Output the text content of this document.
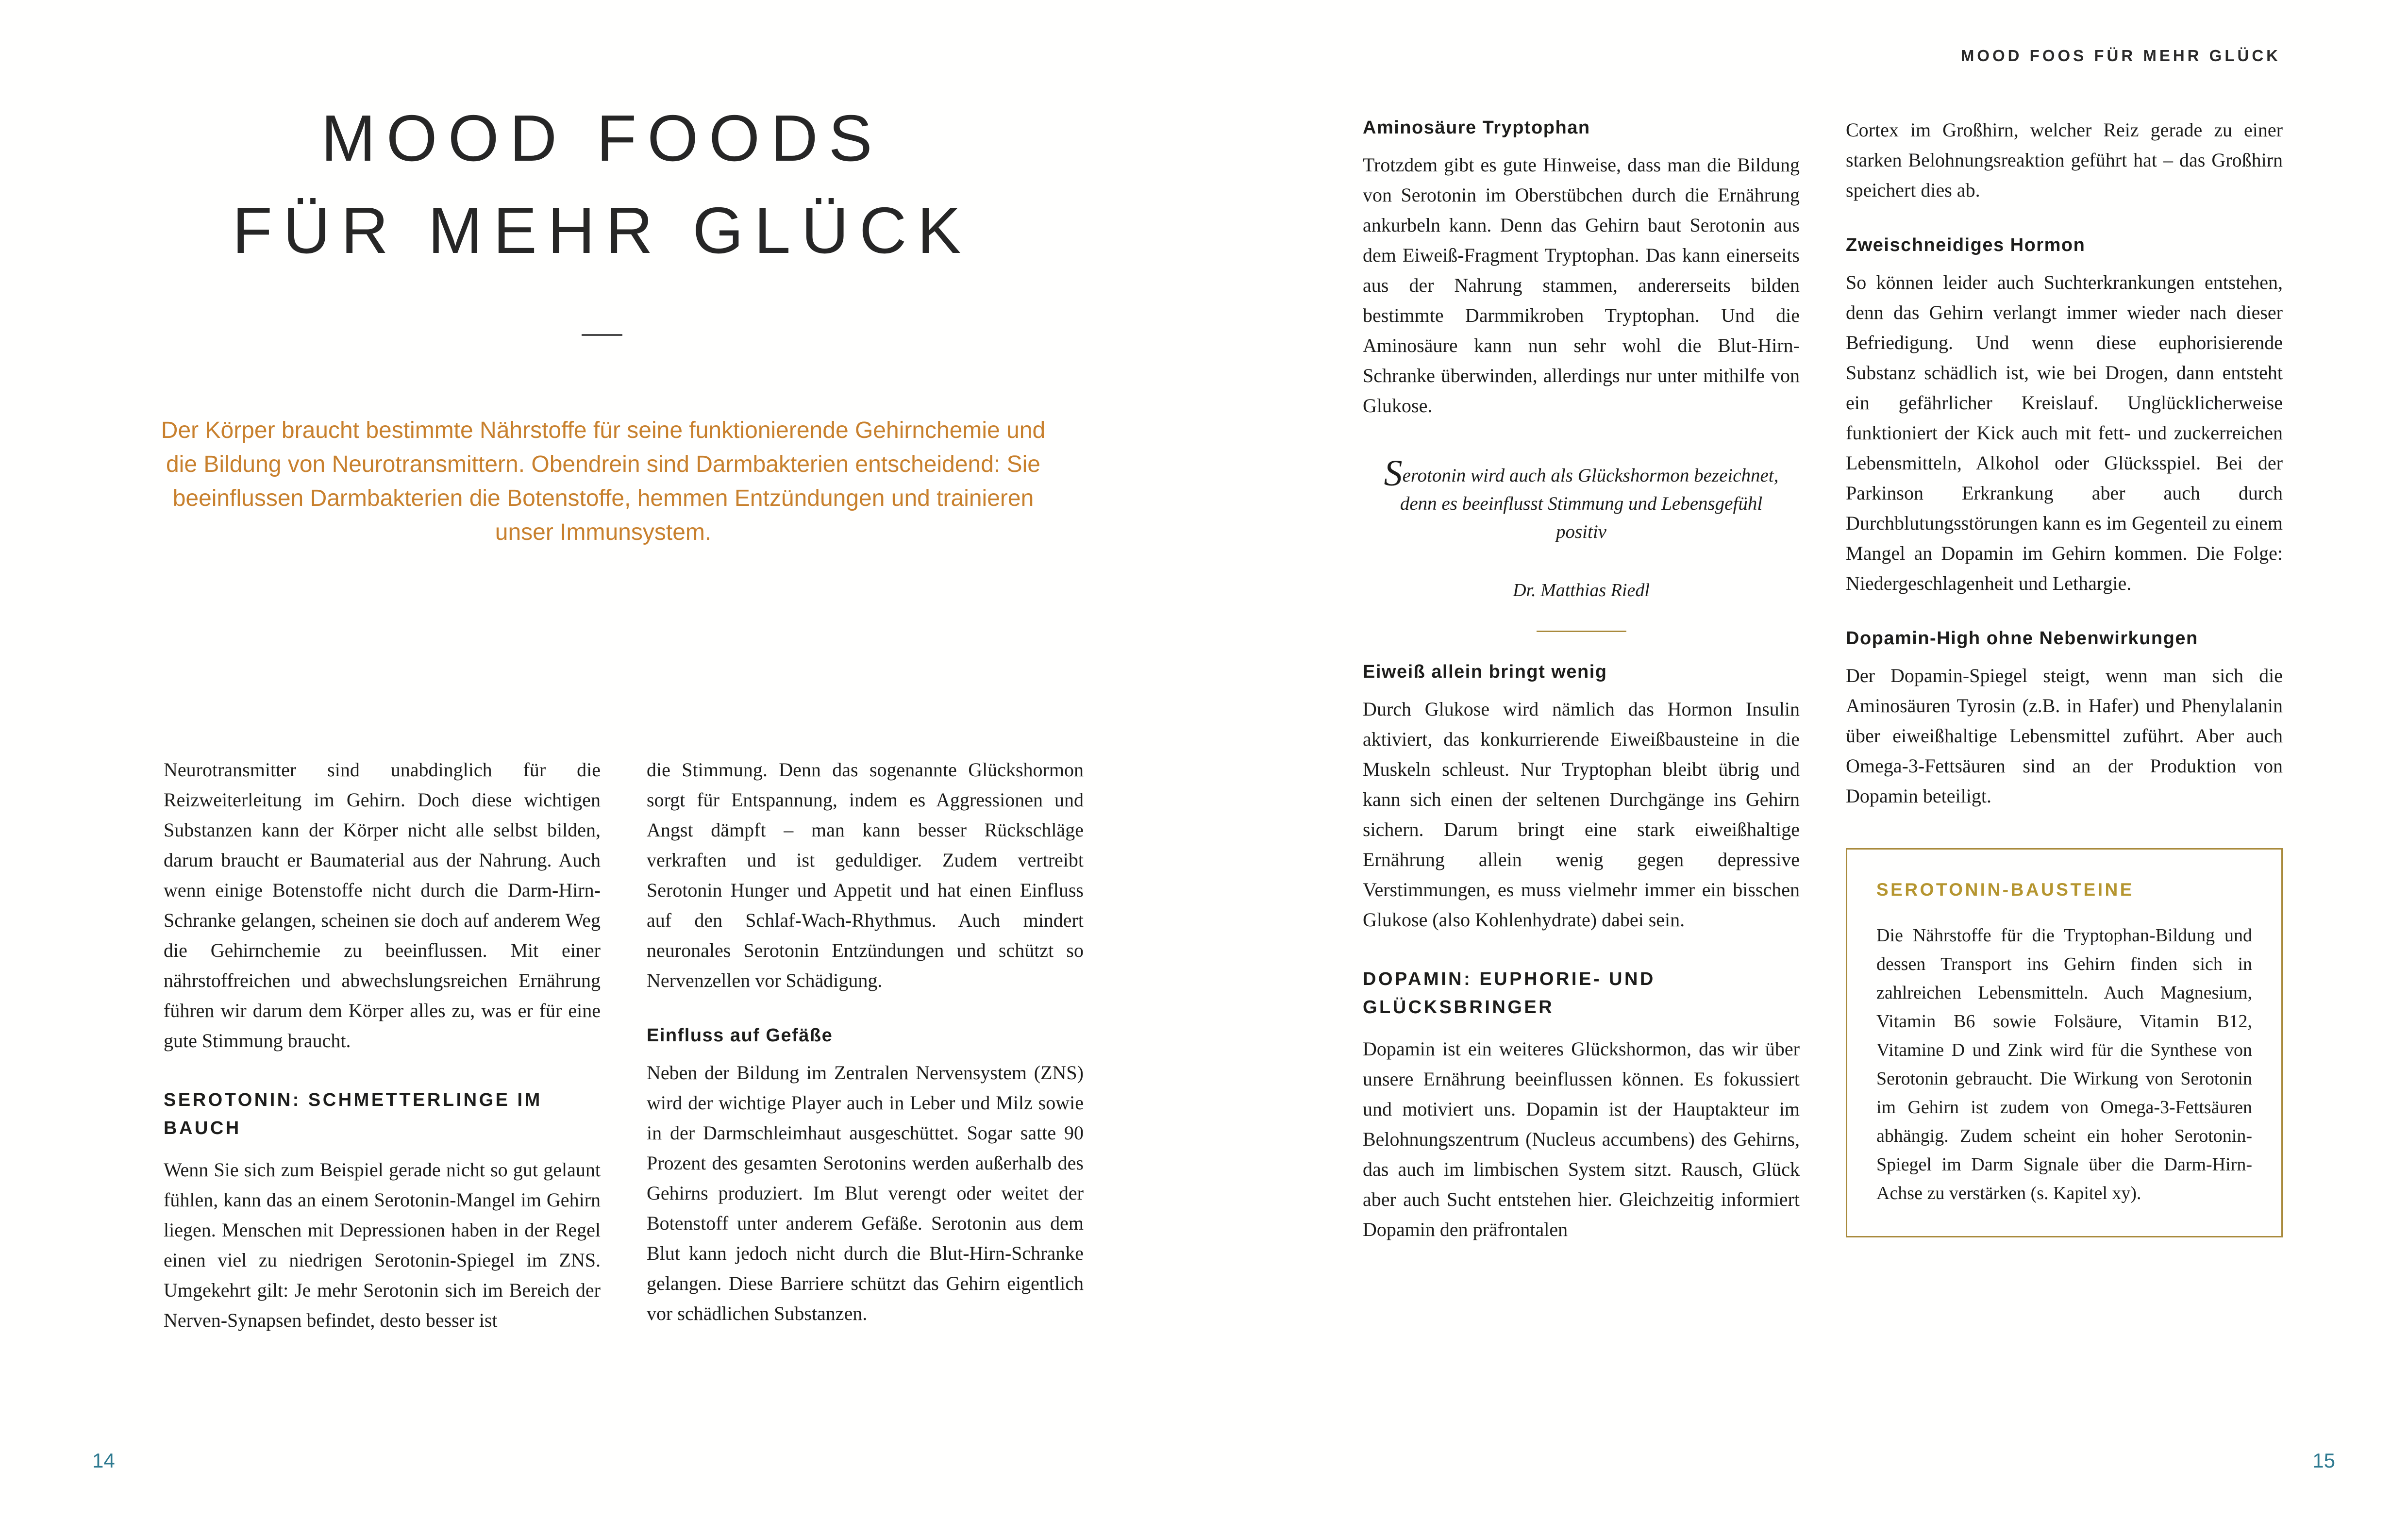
MOOD FOOS FÜR MEHR GLÜCK
MOOD FOODS
FÜR MEHR GLÜCK
Der Körper braucht bestimmte Nährstoffe für seine funktionierende Gehirnchemie und die Bildung von Neurotransmittern. Obendrein sind Darmbakterien entscheidend: Sie beeinflussen Darmbakterien die Botenstoffe, hemmen Entzündungen und trainieren unser Immunsystem.

Neurotransmitter sind unabdinglich für die Reizweiterleitung im Gehirn. Doch diese wichtigen Substanzen kann der Körper nicht alle selbst bilden, darum braucht er Baumaterial aus der Nahrung. Auch wenn einige Botenstoffe nicht durch die Darm-Hirn-Schranke gelangen, scheinen sie doch auf anderem Weg die Gehirnchemie zu beeinflussen. Mit einer nährstoffreichen und abwechslungsreichen Ernährung führen wir darum dem Körper alles zu, was er für eine gute Stimmung braucht.

SEROTONIN: SCHMETTERLINGE IM BAUCH

Wenn Sie sich zum Beispiel gerade nicht so gut gelaunt fühlen, kann das an einem Serotonin-Mangel im Gehirn liegen. Menschen mit Depressionen haben in der Regel einen viel zu niedrigen Serotonin-Spiegel im ZNS. Umgekehrt gilt: Je mehr Serotonin sich im Bereich der Nerven-Synapsen befindet, desto besser ist

die Stimmung. Denn das sogenannte Glückshormon sorgt für Entspannung, indem es Aggressionen und Angst dämpft – man kann besser Rückschläge verkraften und ist geduldiger. Zudem vertreibt Serotonin Hunger und Appetit und hat einen Einfluss auf den Schlaf-Wach-Rhythmus. Auch mindert neuronales Serotonin Entzündungen und schützt so Nervenzellen vor Schädigung.

Einfluss auf Gefäße

Neben der Bildung im Zentralen Nervensystem (ZNS) wird der wichtige Player auch in Leber und Milz sowie in der Darmschleimhaut ausgeschüttet. Sogar satte 90 Prozent des gesamten Serotonins werden außerhalb des Gehirns produziert. Im Blut verengt oder weitet der Botenstoff unter anderem Gefäße. Serotonin aus dem Blut kann jedoch nicht durch die Blut-Hirn-Schranke gelangen. Diese Barriere schützt das Gehirn eigentlich vor schädlichen Substanzen.

Aminosäure Tryptophan

Trotzdem gibt es gute Hinweise, dass man die Bildung von Serotonin im Oberstübchen durch die Ernährung ankurbeln kann. Denn das Gehirn baut Serotonin aus dem Eiweiß-Fragment Tryptophan. Das kann einerseits aus der Nahrung stammen, andererseits bilden bestimmte Darmmikroben Tryptophan. Und die Aminosäure kann nun sehr wohl die Blut-Hirn-Schranke überwinden, allerdings nur unter mithilfe von Glukose.

Serotonin wird auch als Glückshormon bezeichnet, denn es beeinflusst Stimmung und Lebensgefühl positiv
Dr. Matthias Riedl
Eiweiß allein bringt wenig

Durch Glukose wird nämlich das Hormon Insulin aktiviert, das konkurrierende Eiweißbausteine in die Muskeln schleust. Nur Tryptophan bleibt übrig und kann sich einen der seltenen Durchgänge ins Gehirn sichern. Darum bringt eine stark eiweißhaltige Ernährung allein wenig gegen depressive Verstimmungen, es muss vielmehr immer ein bisschen Glukose (also Kohlenhydrate) dabei sein.

DOPAMIN: EUPHORIE- UND GLÜCKSBRINGER

Dopamin ist ein weiteres Glückshormon, das wir über unsere Ernährung beeinflussen können. Es fokussiert und motiviert uns. Dopamin ist der Hauptakteur im Belohnungszentrum (Nucleus accumbens) des Gehirns, das auch im limbischen System sitzt. Rausch, Glück aber auch Sucht entstehen hier. Gleichzeitig informiert Dopamin den präfrontalen

Cortex im Großhirn, welcher Reiz gerade zu einer starken Belohnungsreaktion geführt hat – das Großhirn speichert dies ab.

Zweischneidiges Hormon

So können leider auch Suchterkrankungen entstehen, denn das Gehirn verlangt immer wieder nach dieser Befriedigung. Und wenn diese euphorisierende Substanz schädlich ist, wie bei Drogen, dann entsteht ein gefährlicher Kreislauf. Unglücklicherweise funktioniert der Kick auch mit fett- und zuckerreichen Lebensmitteln, Alkohol oder Glücksspiel. Bei der Parkinson Erkrankung aber auch durch Durchblutungsstörungen kann es im Gegenteil zu einem Mangel an Dopamin im Gehirn kommen. Die Folge: Niedergeschlagenheit und Lethargie.

Dopamin-High ohne Nebenwirkungen

Der Dopamin-Spiegel steigt, wenn man sich die Aminosäuren Tyrosin (z.B. in Hafer) und Phenylalanin über eiweißhaltige Lebensmittel zuführt. Aber auch Omega-3-Fettsäuren sind an der Produktion von Dopamin beteiligt.

SEROTONIN-BAUSTEINE
Die Nährstoffe für die Tryptophan-Bildung und dessen Transport ins Gehirn finden sich in zahlreichen Lebensmitteln. Auch Magnesium, Vitamin B6 sowie Folsäure, Vitamin B12, Vitamine D und Zink wird für die Synthese von Serotonin gebraucht. Die Wirkung von Serotonin im Gehirn ist zudem von Omega-3-Fettsäuren abhängig. Zudem scheint ein hoher Serotonin-Spiegel im Darm Signale über die Darm-Hirn-Achse zu verstärken (s. Kapitel xy).
14	15
